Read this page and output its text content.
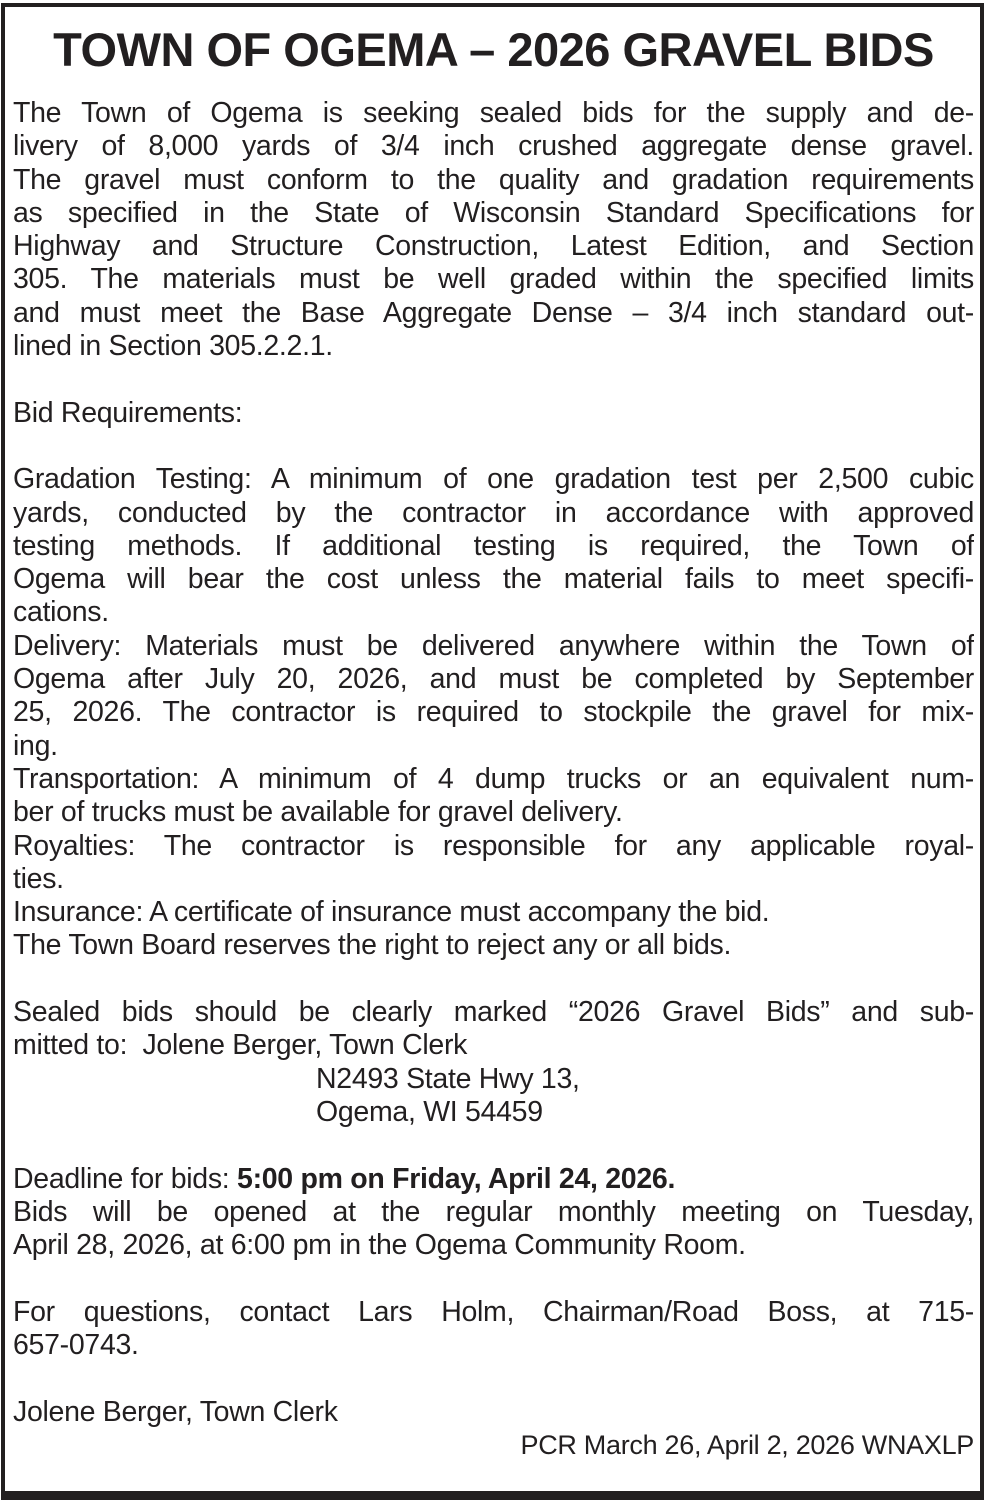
TOWN OF OGEMA – 2026 GRAVEL BIDS
The Town of Ogema is seeking sealed bids for the supply and de-
livery of 8,000 yards of 3/4 inch crushed aggregate dense gravel.
The gravel must conform to the quality and gradation requirements
as specified in the State of Wisconsin Standard Specifications for
Highway and Structure Construction, Latest Edition, and Section
305. The materials must be well graded within the specified limits
and must meet the Base Aggregate Dense – 3/4 inch standard out-
lined in Section 305.2.2.1.
Bid Requirements:
Gradation Testing: A minimum of one gradation test per 2,500 cubic
yards, conducted by the contractor in accordance with approved
testing methods. If additional testing is required, the Town of
Ogema will bear the cost unless the material fails to meet specifi-
cations.
Delivery: Materials must be delivered anywhere within the Town of
Ogema after July 20, 2026, and must be completed by September
25, 2026. The contractor is required to stockpile the gravel for mix-
ing.
Transportation: A minimum of 4 dump trucks or an equivalent num-
ber of trucks must be available for gravel delivery.
Royalties: The contractor is responsible for any applicable royal-
ties.
Insurance: A certificate of insurance must accompany the bid.
The Town Board reserves the right to reject any or all bids.
Sealed bids should be clearly marked “2026 Gravel Bids” and sub-
mitted to:  Jolene Berger, Town Clerk
N2493 State Hwy 13,
Ogema, WI 54459
Deadline for bids: 5:00 pm on Friday, April 24, 2026.
Bids will be opened at the regular monthly meeting on Tuesday,
April 28, 2026, at 6:00 pm in the Ogema Community Room.
For questions, contact Lars Holm, Chairman/Road Boss, at 715-
657-0743.
Jolene Berger, Town Clerk
PCR March 26, April 2, 2026 WNAXLP
